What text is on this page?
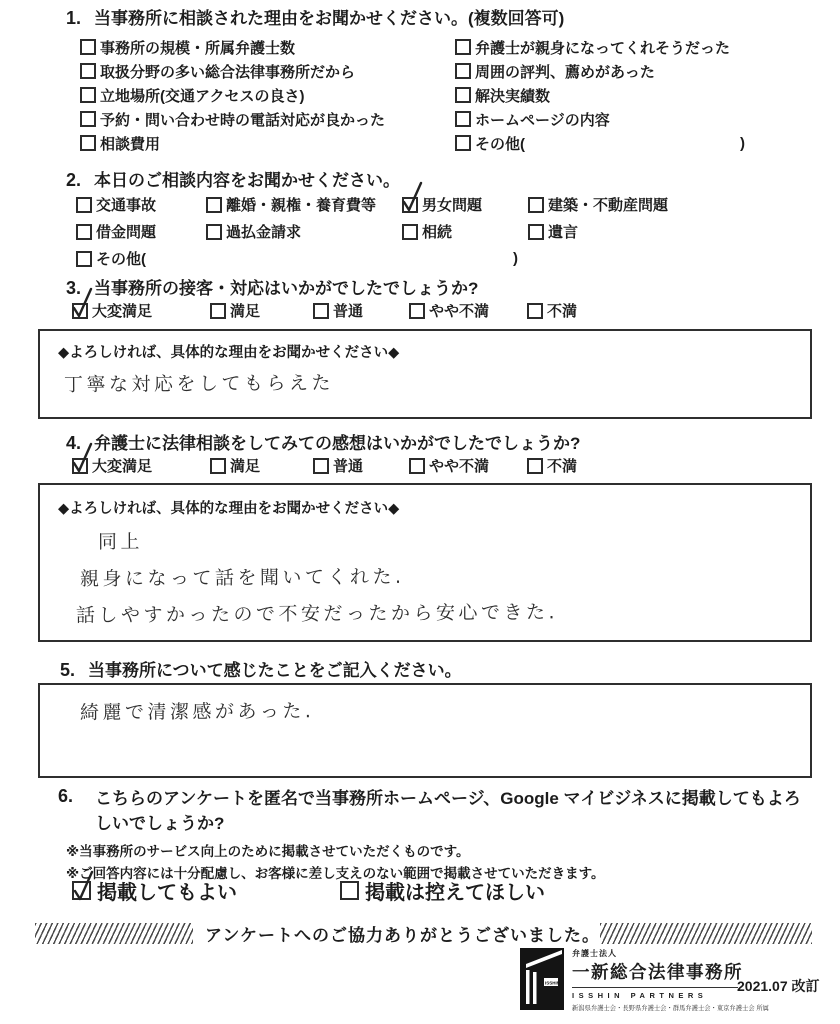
1. 当事務所に相談された理由をお聞かせください。(複数回答可)
事務所の規模・所属弁護士数
取扱分野の多い総合法律事務所だから
立地場所(交通アクセスの良さ)
予約・問い合わせ時の電話対応が良かった
相談費用
弁護士が親身になってくれそうだった
周囲の評判、薦めがあった
解決実績数
ホームページの内容
その他(	)
2. 本日のご相談内容をお聞かせください。
交通事故	離婚・親権・養育費等	男女問題	建築・不動産問題
借金問題	過払金請求	相続	遺言
その他(	)
3. 当事務所の接客・対応はいかがでしたでしょうか?
大変満足	満足	普通	やや不満	不満
◆よろしければ、具体的な理由をお聞かせください◆
丁寧な対応をしてもらえた
4. 弁護士に法律相談をしてみての感想はいかがでしたでしょうか?
大変満足	満足	普通	やや不満	不満
◆よろしければ、具体的な理由をお聞かせください◆
同上
親身になって話を聞いてくれた.
話しやすかったので不安だったから安心できた.
5. 当事務所について感じたことをご記入ください。
綺麗で清潔感があった.
6.	こちらのアンケートを匿名で当事務所ホームページ、Google マイビジネスに掲載してもよろしいでしょうか?
※当事務所のサービス向上のために掲載させていただくものです。
※ご回答内容には十分配慮し、お客様に差し支えのない範囲で掲載させていただきます。
掲載してもよい	掲載は控えてほしい
アンケートへのご協力ありがとうございました。
ISSHIN
弁護士法人
一新総合法律事務所
ISSHIN PARTNERS
新潟県弁護士会・長野県弁護士会・群馬弁護士会・東京弁護士会 所属
2021.07 改訂
